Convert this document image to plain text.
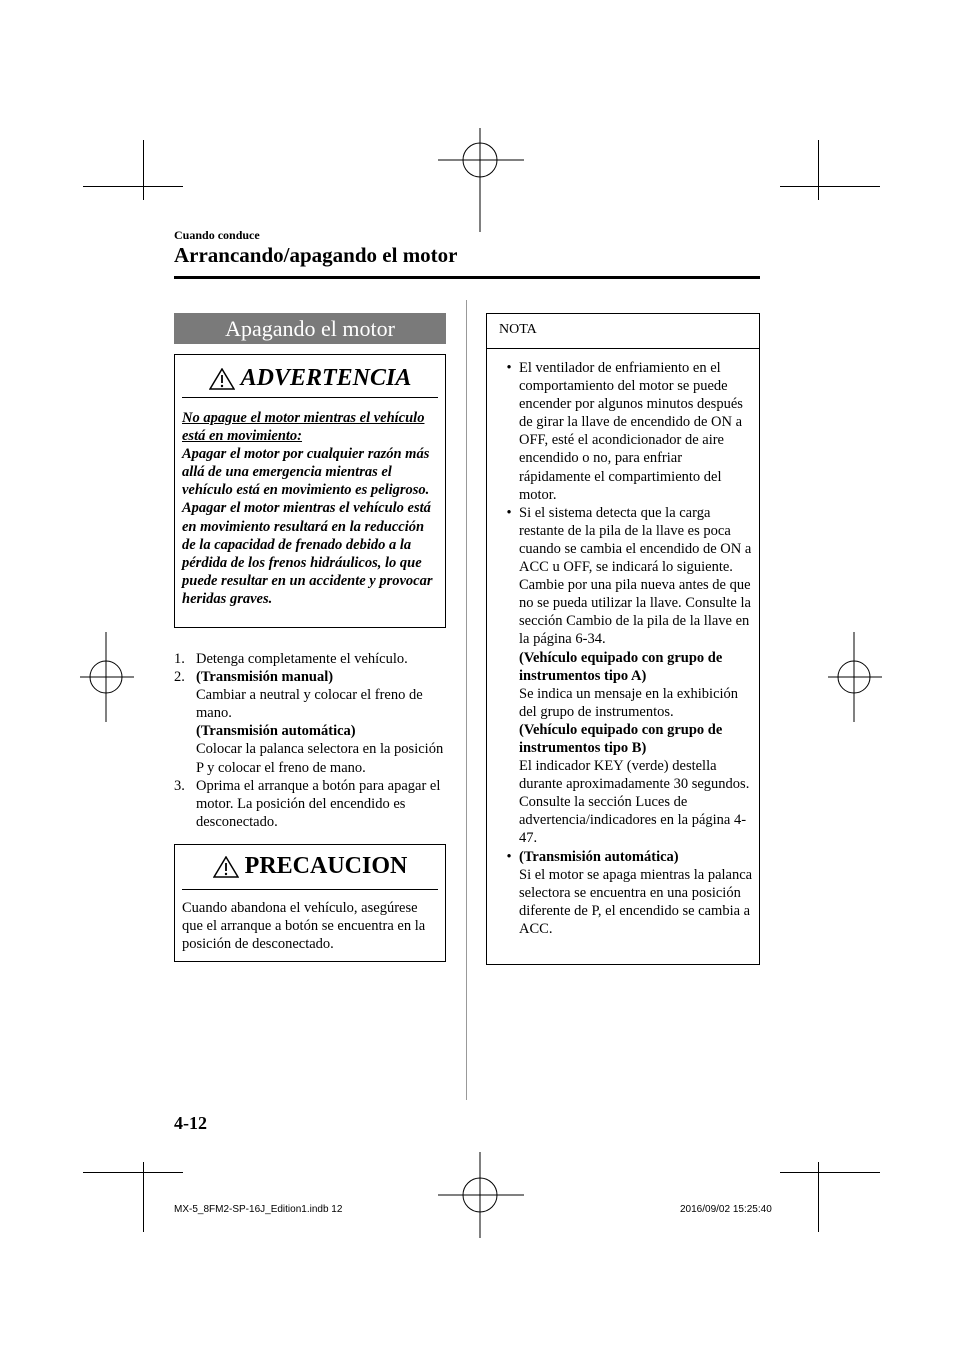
Cuando conduce
Arrancando/apagando el motor
Apagando el motor
ADVERTENCIA
No apague el motor mientras el vehículo está en movimiento:
Apagar el motor por cualquier razón más allá de una emergencia mientras el vehículo está en movimiento es peligroso. Apagar el motor mientras el vehículo está en movimiento resultará en la reducción de la capacidad de frenado debido a la pérdida de los frenos hidráulicos, lo que puede resultar en un accidente y provocar heridas graves.
1. Detenga completamente el vehículo.
2. (Transmisión manual)
Cambiar a neutral y colocar el freno de mano.
(Transmisión automática)
Colocar la palanca selectora en la posición P y colocar el freno de mano.
3. Oprima el arranque a botón para apagar el motor. La posición del encendido es desconectado.
PRECAUCION
Cuando abandona el vehículo, asegúrese que el arranque a botón se encuentra en la posición de desconectado.
NOTA
• El ventilador de enfriamiento en el comportamiento del motor se puede encender por algunos minutos después de girar la llave de encendido de ON a OFF, esté el acondicionador de aire encendido o no, para enfriar rápidamente el compartimiento del motor.
• Si el sistema detecta que la carga restante de la pila de la llave es poca cuando se cambia el encendido de ON a ACC u OFF, se indicará lo siguiente.
Cambie por una pila nueva antes de que no se pueda utilizar la llave. Consulte la sección Cambio de la pila de la llave en la página 6-34.
(Vehículo equipado con grupo de instrumentos tipo A)
Se indica un mensaje en la exhibición del grupo de instrumentos.
(Vehículo equipado con grupo de instrumentos tipo B)
El indicador KEY (verde) destella durante aproximadamente 30 segundos. Consulte la sección Luces de advertencia/indicadores en la página 4-47.
• (Transmisión automática)
Si el motor se apaga mientras la palanca selectora se encuentra en una posición diferente de P, el encendido se cambia a ACC.
4-12
MX-5_8FM2-SP-16J_Edition1.indb 12	2016/09/02 15:25:40
